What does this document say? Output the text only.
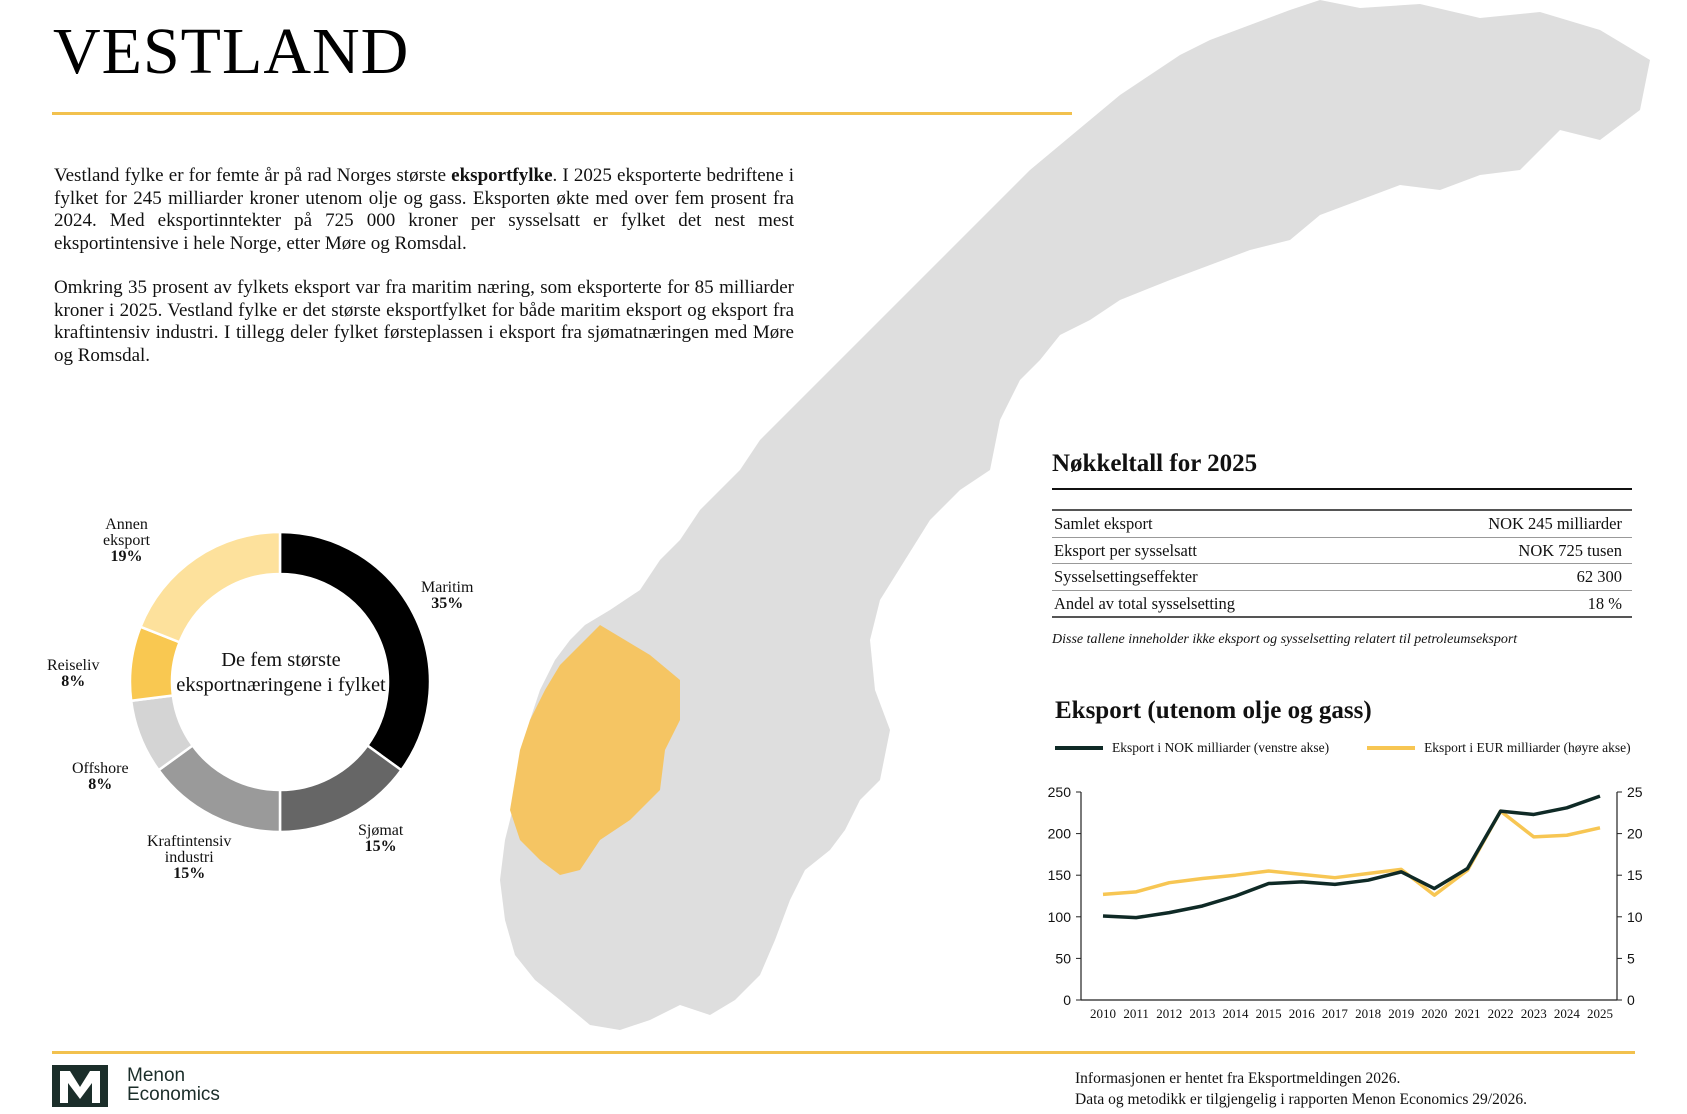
VESTLAND

Vestland fylke er for femte år på rad Norges største eksportfylke. I 2025 eksporterte bedriftene i fylket for 245 milliarder kroner utenom olje og gass. Eksporten økte med over fem prosent fra 2024. Med eksportinntekter på 725 000 kroner per sysselsatt er fylket det nest mest eksportintensive i hele Norge, etter Møre og Romsdal.

Omkring 35 prosent av fylkets eksport var fra maritim næring, som eksporterte for 85 milliarder kroner i 2025. Vestland fylke er det største eksportfylket for både maritim eksport og eksport fra kraftintensiv industri. I tillegg deler fylket førsteplassen i eksport fra sjømatnæringen med Møre og Romsdal.

De fem største eksportnæringene i fylket
Maritim
35%
Sjømat
15%
Kraftintensiv
industri
15%
Offshore
8%
Reiseliv
8%
Annen
eksport
19%
Nøkkeltall for 2025
Samlet eksport	NOK 245 milliarder
Eksport per sysselsatt	NOK 725 tusen
Sysselsettingseffekter	62 300
Andel av total sysselsetting	18 %
Disse tallene inneholder ikke eksport og sysselsetting relatert til petroleumseksport
Eksport (utenom olje og gass)
Eksport i NOK milliarder (venstre akse)	Eksport i EUR milliarder (høyre akse)
0
50
100
150
200
250
0
5
10
15
20
25
2010 2011 2012 2013 2014 2015 2016 2017 2018 2019 2020 2021 2022 2023 2024 2025
Menon
Economics
Informasjonen er hentet fra Eksportmeldingen 2026.
Data og metodikk er tilgjengelig i rapporten Menon Economics 29/2026.
